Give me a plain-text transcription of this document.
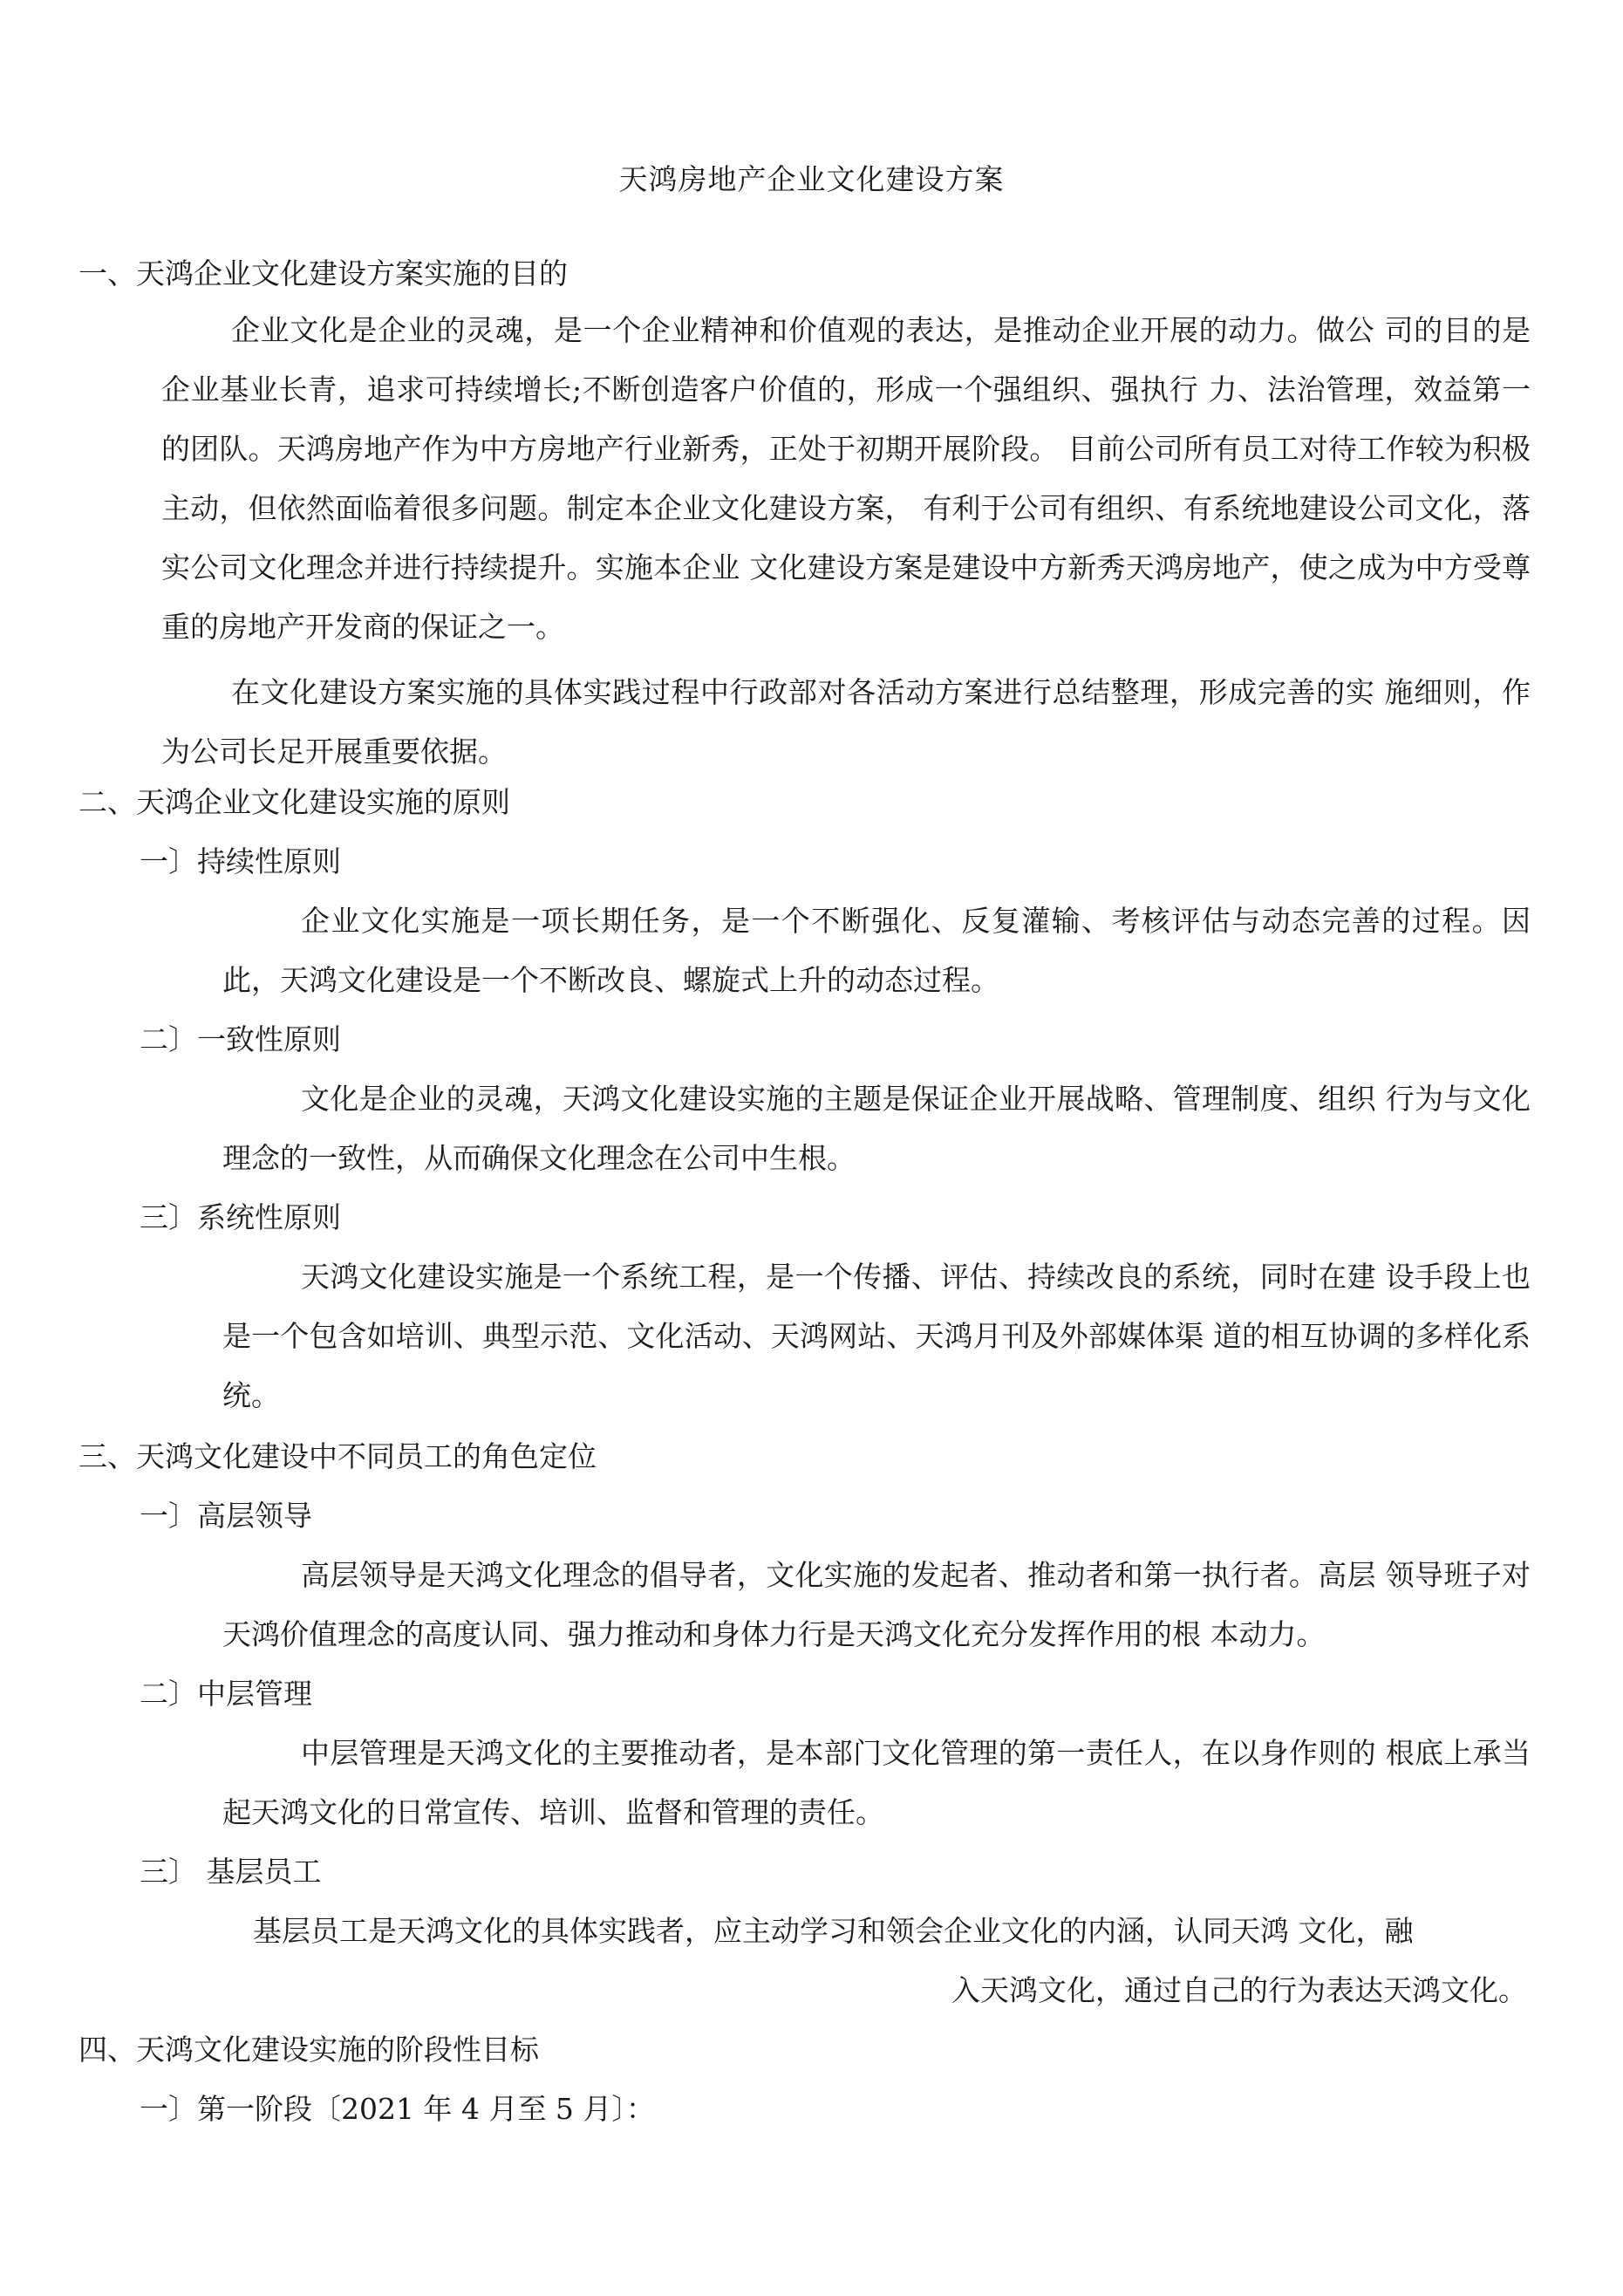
天鸿房地产企业文化建设方案
一、天鸿企业文化建设方案实施的目的
企业文化是企业的灵魂，是一个企业精神和价值观的表达，是推动企业开展的动力。做公 司的目的是企业基业长青，追求可持续增长;不断创造客户价值的，形成一个强组织、强执行 力、法治管理，效益第一的团队。天鸿房地产作为中方房地产行业新秀，正处于初期开展阶段。 目前公司所有员工对待工作较为积极主动，但依然面临着很多问题。制定本企业文化建设方案， 有利于公司有组织、有系统地建设公司文化，落实公司文化理念并进行持续提升。实施本企业 文化建设方案是建设中方新秀天鸿房地产，使之成为中方受尊重的房地产开发商的保证之一。
在文化建设方案实施的具体实践过程中行政部对各活动方案进行总结整理，形成完善的实 施细则，作为公司长足开展重要依据。
二、天鸿企业文化建设实施的原则
一〕持续性原则
企业文化实施是一项长期任务，是一个不断强化、反复灌输、考核评估与动态完善的过程。因此，天鸿文化建设是一个不断改良、螺旋式上升的动态过程。
二〕一致性原则
文化是企业的灵魂，天鸿文化建设实施的主题是保证企业开展战略、管理制度、组织 行为与文化理念的一致性，从而确保文化理念在公司中生根。
三〕系统性原则
天鸿文化建设实施是一个系统工程，是一个传播、评估、持续改良的系统，同时在建 设手段上也是一个包含如培训、典型示范、文化活动、天鸿网站、天鸿月刊及外部媒体渠 道的相互协调的多样化系统。
三、天鸿文化建设中不同员工的角色定位
一〕高层领导
高层领导是天鸿文化理念的倡导者，文化实施的发起者、推动者和第一执行者。高层 领导班子对天鸿价值理念的高度认同、强力推动和身体力行是天鸿文化充分发挥作用的根 本动力。
二〕中层管理
中层管理是天鸿文化的主要推动者，是本部门文化管理的第一责任人，在以身作则的 根底上承当起天鸿文化的日常宣传、培训、监督和管理的责任。
三〕 基层员工
基层员工是天鸿文化的具体实践者，应主动学习和领会企业文化的内涵，认同天鸿 文化，融
入天鸿文化，通过自己的行为表达天鸿文化。
四、天鸿文化建设实施的阶段性目标
一〕第一阶段〔2021 年 4 月至 5 月〕：
